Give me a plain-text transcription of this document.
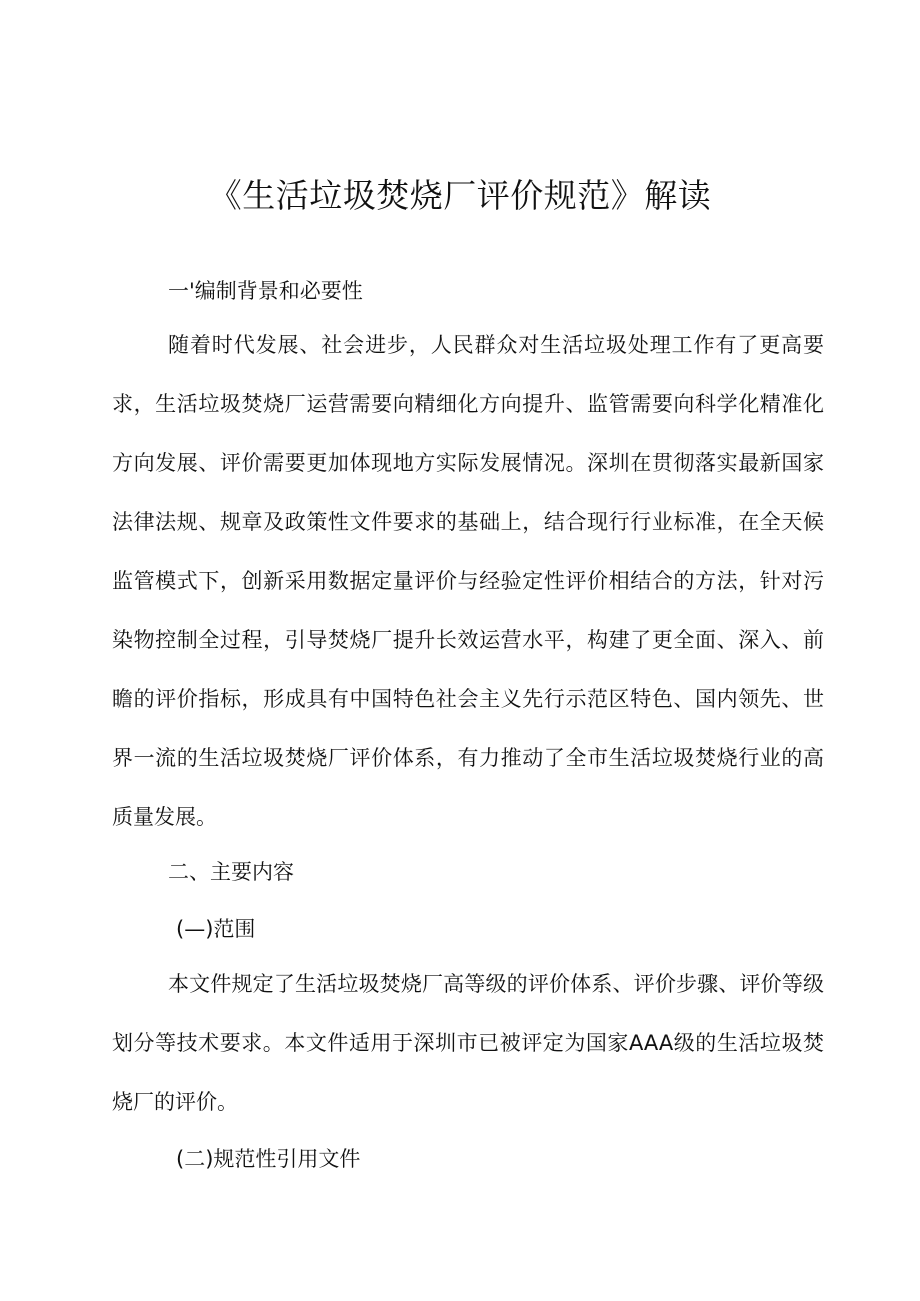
《生活垃圾焚烧厂评价规范》解读
一'编制背景和必要性

随着时代发展、社会进步，人民群众对生活垃圾处理工作有了更高要求，生活垃圾焚烧厂运营需要向精细化方向提升、监管需要向科学化精准化方向发展、评价需要更加体现地方实际发展情况。深圳在贯彻落实最新国家法律法规、规章及政策性文件要求的基础上，结合现行行业标准，在全天候监管模式下，创新采用数据定量评价与经验定性评价相结合的方法，针对污染物控制全过程，引导焚烧厂提升长效运营水平，构建了更全面、深入、前瞻的评价指标，形成具有中国特色社会主义先行示范区特色、国内领先、世界一流的生活垃圾焚烧厂评价体系，有力推动了全市生活垃圾焚烧行业的高质量发展。

二、主要内容
(—)范围

本文件规定了生活垃圾焚烧厂高等级的评价体系、评价步骤、评价等级划分等技术要求。本文件适用于深圳市已被评定为国家AAA级的生活垃圾焚烧厂的评价。

(二)规范性引用文件
